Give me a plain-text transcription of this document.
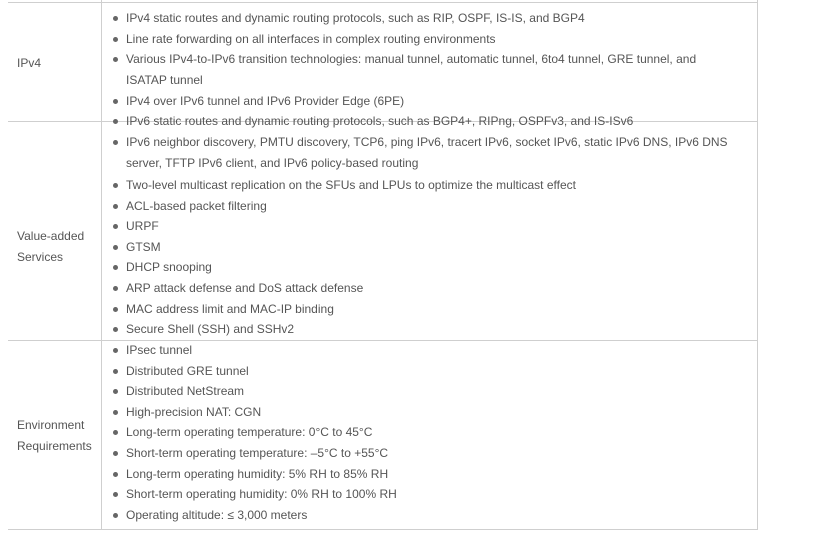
IPv4
Value-added Services
Environment Requirements
IPv4 static routes and dynamic routing protocols, such as RIP, OSPF, IS-IS, and BGP4
Line rate forwarding on all interfaces in complex routing environments
Various IPv4-to-IPv6 transition technologies: manual tunnel, automatic tunnel, 6to4 tunnel, GRE tunnel, and ISATAP tunnel
IPv4 over IPv6 tunnel and IPv6 Provider Edge (6PE)
IPv6 static routes and dynamic routing protocols, such as BGP4+, RIPng, OSPFv3, and IS-ISv6
IPv6 neighbor discovery, PMTU discovery, TCP6, ping IPv6, tracert IPv6, socket IPv6, static IPv6 DNS, IPv6 DNS server, TFTP IPv6 client, and IPv6 policy-based routing
Two-level multicast replication on the SFUs and LPUs to optimize the multicast effect
ACL-based packet filtering
URPF
GTSM
DHCP snooping
ARP attack defense and DoS attack defense
MAC address limit and MAC-IP binding
Secure Shell (SSH) and SSHv2
IPsec tunnel
Distributed GRE tunnel
Distributed NetStream
High-precision NAT: CGN
Long-term operating temperature: 0°C to 45°C
Short-term operating temperature: –5°C to +55°C
Long-term operating humidity: 5% RH to 85% RH
Short-term operating humidity: 0% RH to 100% RH
Operating altitude: ≤ 3,000 meters
